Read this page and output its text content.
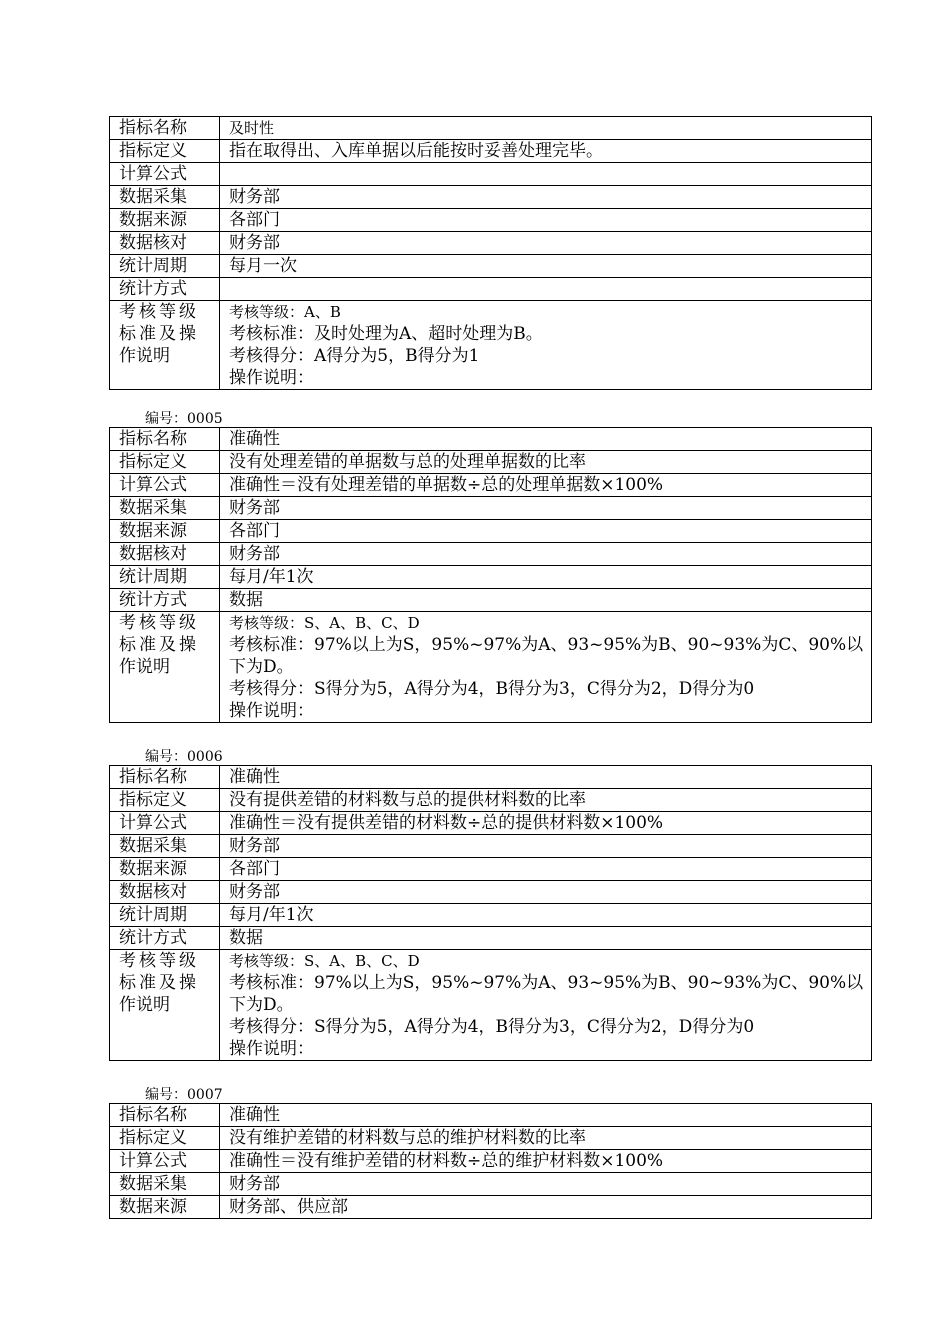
指标名称	及时性
指标定义	指在取得出、入库单据以后能按时妥善处理完毕。
计算公式	
数据采集	财务部
数据来源	各部门
数据核对	财务部
统计周期	每月一次
统计方式	

考核等级
标准及操
作说明	考核等级：A、B
考核标准：及时处理为A、超时处理为B。
考核得分：A得分为5，B得分为1
操作说明：
编号：0005
指标名称	准确性
指标定义	没有处理差错的单据数与总的处理单据数的比率
计算公式	准确性＝没有处理差错的单据数÷总的处理单据数×100%
数据采集	财务部
数据来源	各部门
数据核对	财务部
统计周期	每月/年1次
统计方式	数据

考核等级
标准及操
作说明	考核等级：S、A、B、C、D
考核标准：97%以上为S，95%~97%为A、93~95%为B、90~93%为C、90%以下为D。
考核得分：S得分为5，A得分为4，B得分为3，C得分为2，D得分为0
操作说明：
编号：0006
指标名称	准确性
指标定义	没有提供差错的材料数与总的提供材料数的比率
计算公式	准确性＝没有提供差错的材料数÷总的提供材料数×100%
数据采集	财务部
数据来源	各部门
数据核对	财务部
统计周期	每月/年1次
统计方式	数据

考核等级
标准及操
作说明	考核等级：S、A、B、C、D
考核标准：97%以上为S，95%~97%为A、93~95%为B、90~93%为C、90%以下为D。
考核得分：S得分为5，A得分为4，B得分为3，C得分为2，D得分为0
操作说明：
编号：0007
指标名称	准确性
指标定义	没有维护差错的材料数与总的维护材料数的比率
计算公式	准确性＝没有维护差错的材料数÷总的维护材料数×100%
数据采集	财务部
数据来源	财务部、供应部
